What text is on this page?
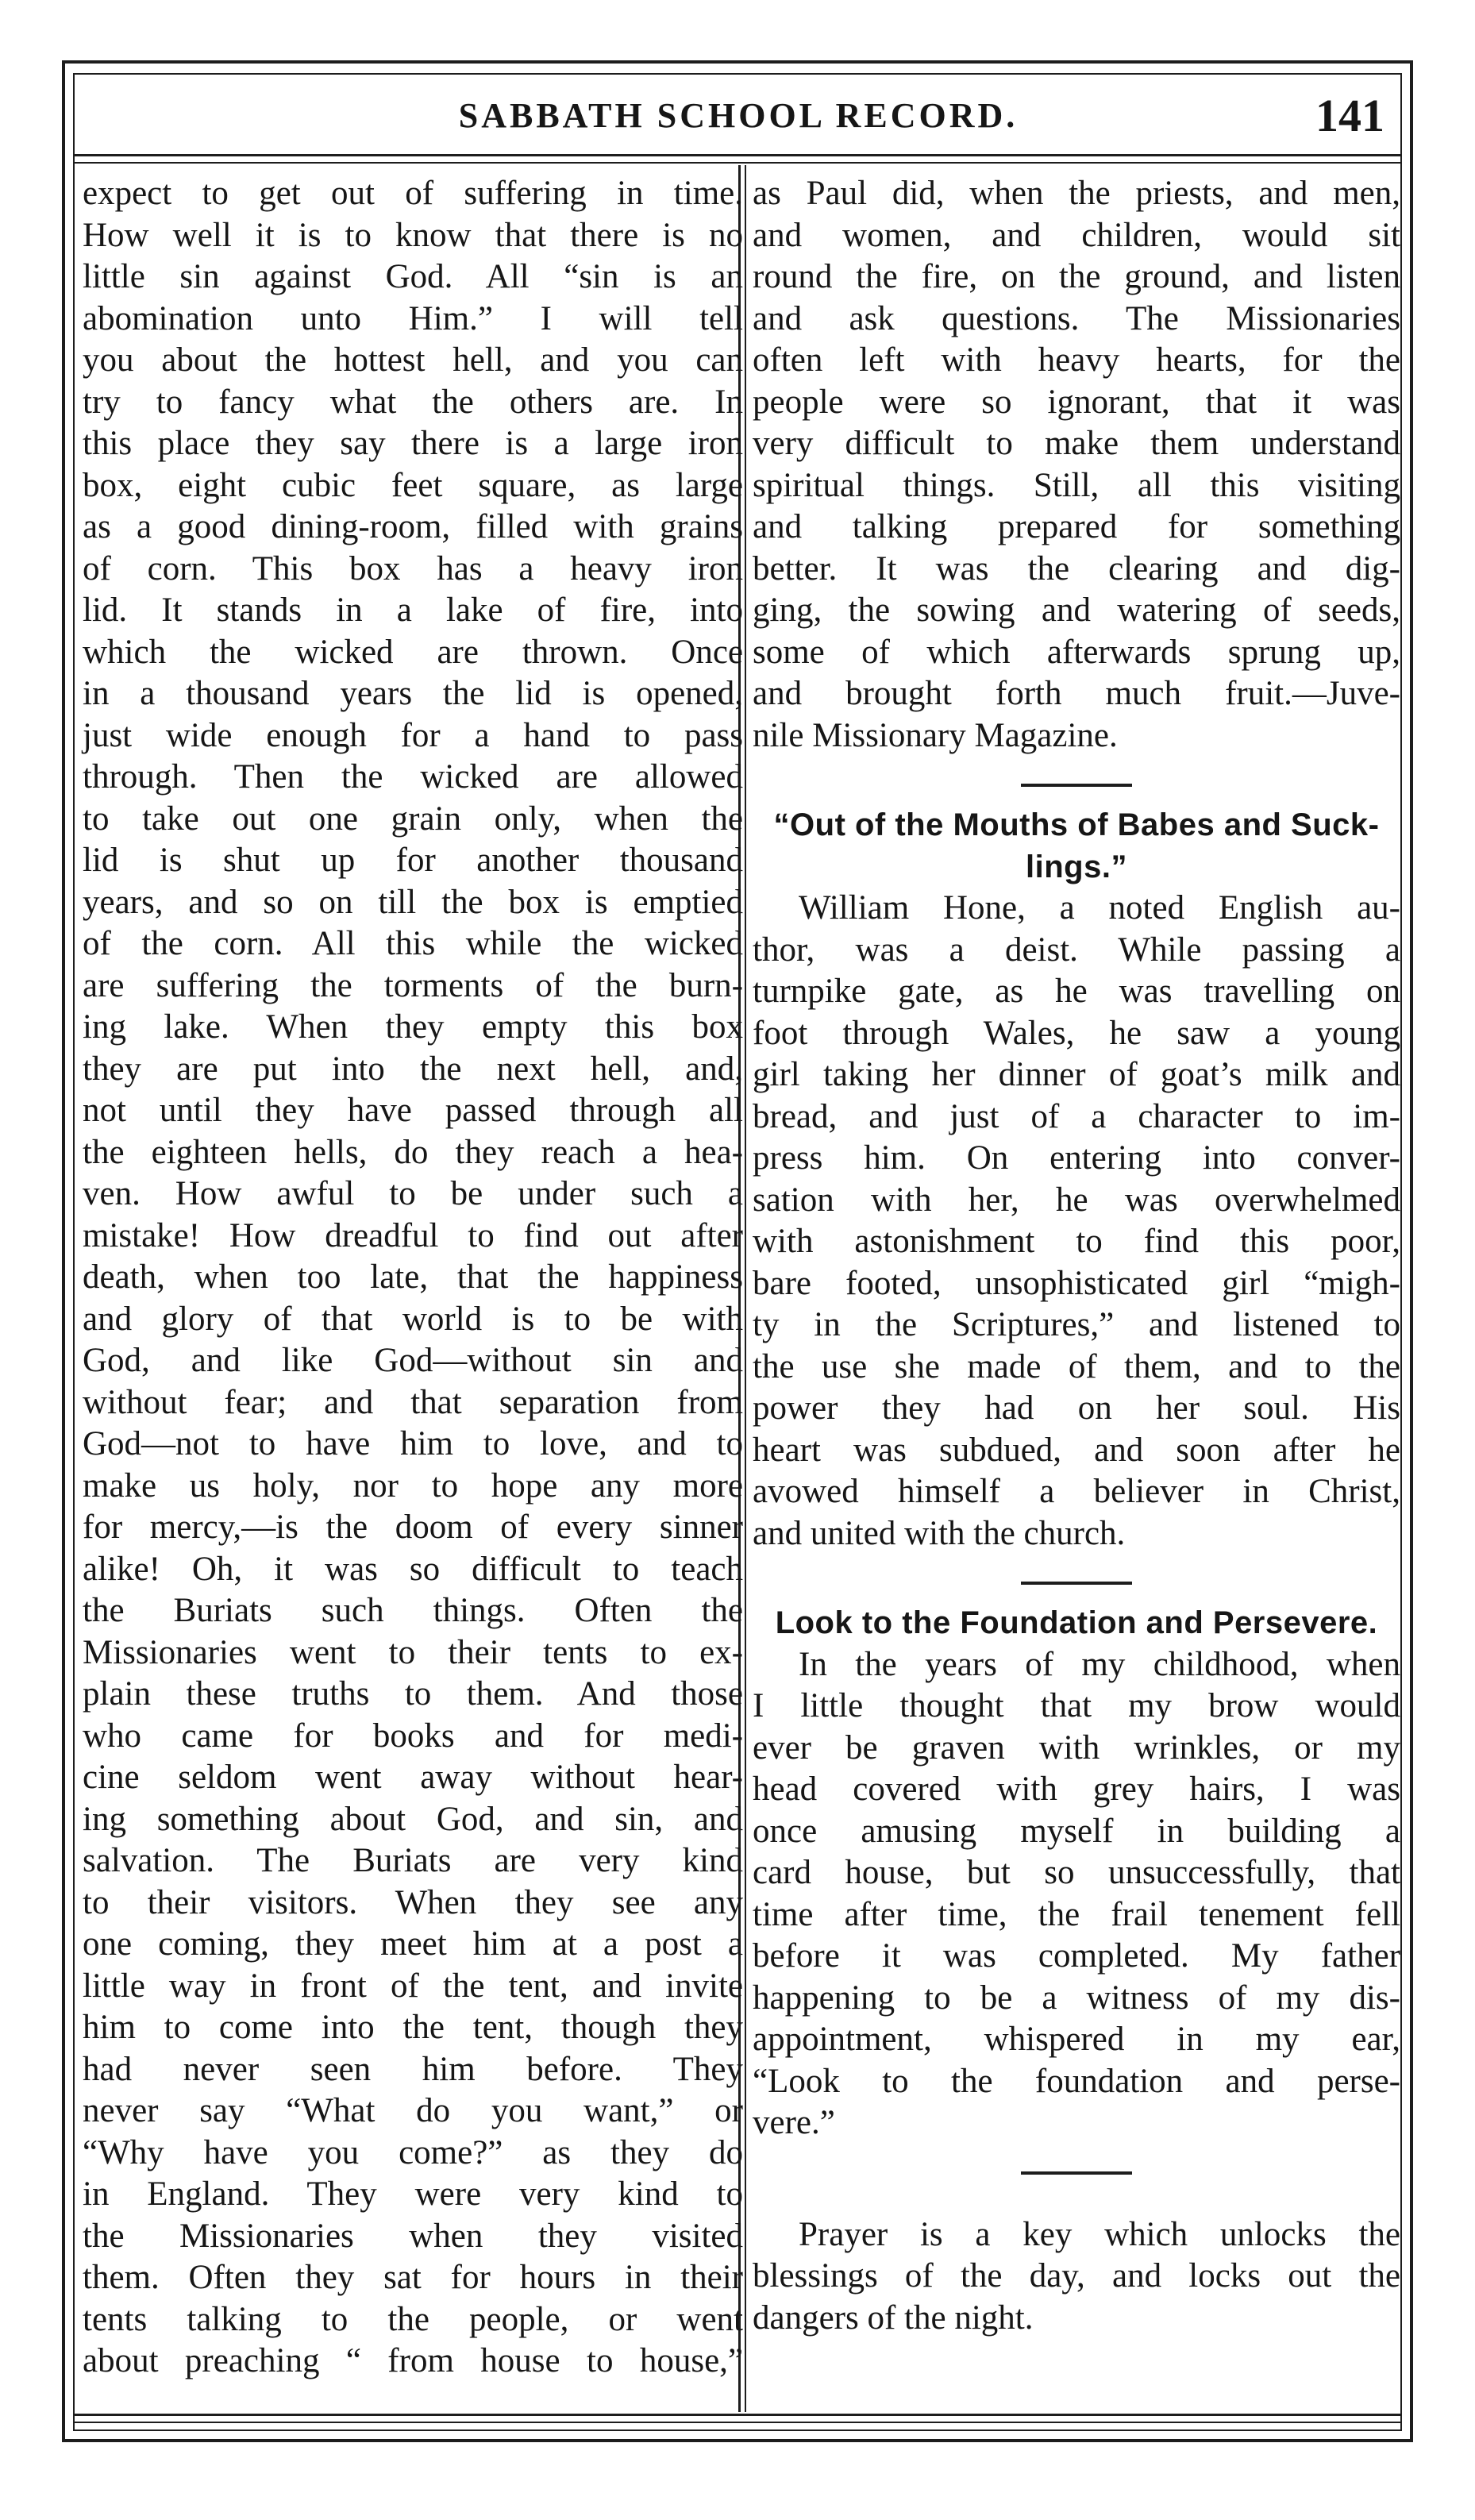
SABBATH SCHOOL RECORD.	141
expect to get out of suffering in time.
How well it is to know that there is no
little sin against God. All “sin is an
abomination unto Him.” I will tell
you about the hottest hell, and you can
try to fancy what the others are. In
this place they say there is a large iron
box, eight cubic feet square, as large
as a good dining-room, filled with grains
of corn. This box has a heavy iron
lid. It stands in a lake of fire, into
which the wicked are thrown. Once
in a thousand years the lid is opened,
just wide enough for a hand to pass
through. Then the wicked are allowed
to take out one grain only, when the
lid is shut up for another thousand
years, and so on till the box is emptied
of the corn. All this while the wicked
are suffering the torments of the burn-
ing lake. When they empty this box
they are put into the next hell, and,
not until they have passed through all
the eighteen hells, do they reach a hea-
ven. How awful to be under such a
mistake! How dreadful to find out after
death, when too late, that the happiness
and glory of that world is to be with
God, and like God—without sin and
without fear; and that separation from
God—not to have him to love, and to
make us holy, nor to hope any more
for mercy,—is the doom of every sinner
alike! Oh, it was so difficult to teach
the Buriats such things. Often the
Missionaries went to their tents to ex-
plain these truths to them. And those
who came for books and for medi-
cine seldom went away without hear-
ing something about God, and sin, and
salvation. The Buriats are very kind
to their visitors. When they see any
one coming, they meet him at a post a
little way in front of the tent, and invite
him to come into the tent, though they
had never seen him before. They
never say “What do you want,” or
“Why have you come?” as they do
in England. They were very kind to
the Missionaries when they visited
them. Often they sat for hours in their
tents talking to the people, or went
about preaching “ from house to house,”
as Paul did, when the priests, and men,
and women, and children, would sit
round the fire, on the ground, and listen
and ask questions. The Missionaries
often left with heavy hearts, for the
people were so ignorant, that it was
very difficult to make them understand
spiritual things. Still, all this visiting
and talking prepared for something
better. It was the clearing and dig-
ging, the sowing and watering of seeds,
some of which afterwards sprung up,
and brought forth much fruit.—Juve-
nile Missionary Magazine.
“Out of the Mouths of Babes and Suck-
lings.”
William Hone, a noted English au-
thor, was a deist. While passing a
turnpike gate, as he was travelling on
foot through Wales, he saw a young
girl taking her dinner of goat’s milk and
bread, and just of a character to im-
press him. On entering into conver-
sation with her, he was overwhelmed
with astonishment to find this poor,
bare footed, unsophisticated girl “migh-
ty in the Scriptures,” and listened to
the use she made of them, and to the
power they had on her soul. His
heart was subdued, and soon after he
avowed himself a believer in Christ,
and united with the church.
Look to the Foundation and Persevere.
In the years of my childhood, when
I little thought that my brow would
ever be graven with wrinkles, or my
head covered with grey hairs, I was
once amusing myself in building a
card house, but so unsuccessfully, that
time after time, the frail tenement fell
before it was completed. My father
happening to be a witness of my dis-
appointment, whispered in my ear,
“Look to the foundation and perse-
vere.”
Prayer is a key which unlocks the
blessings of the day, and locks out the
dangers of the night.
